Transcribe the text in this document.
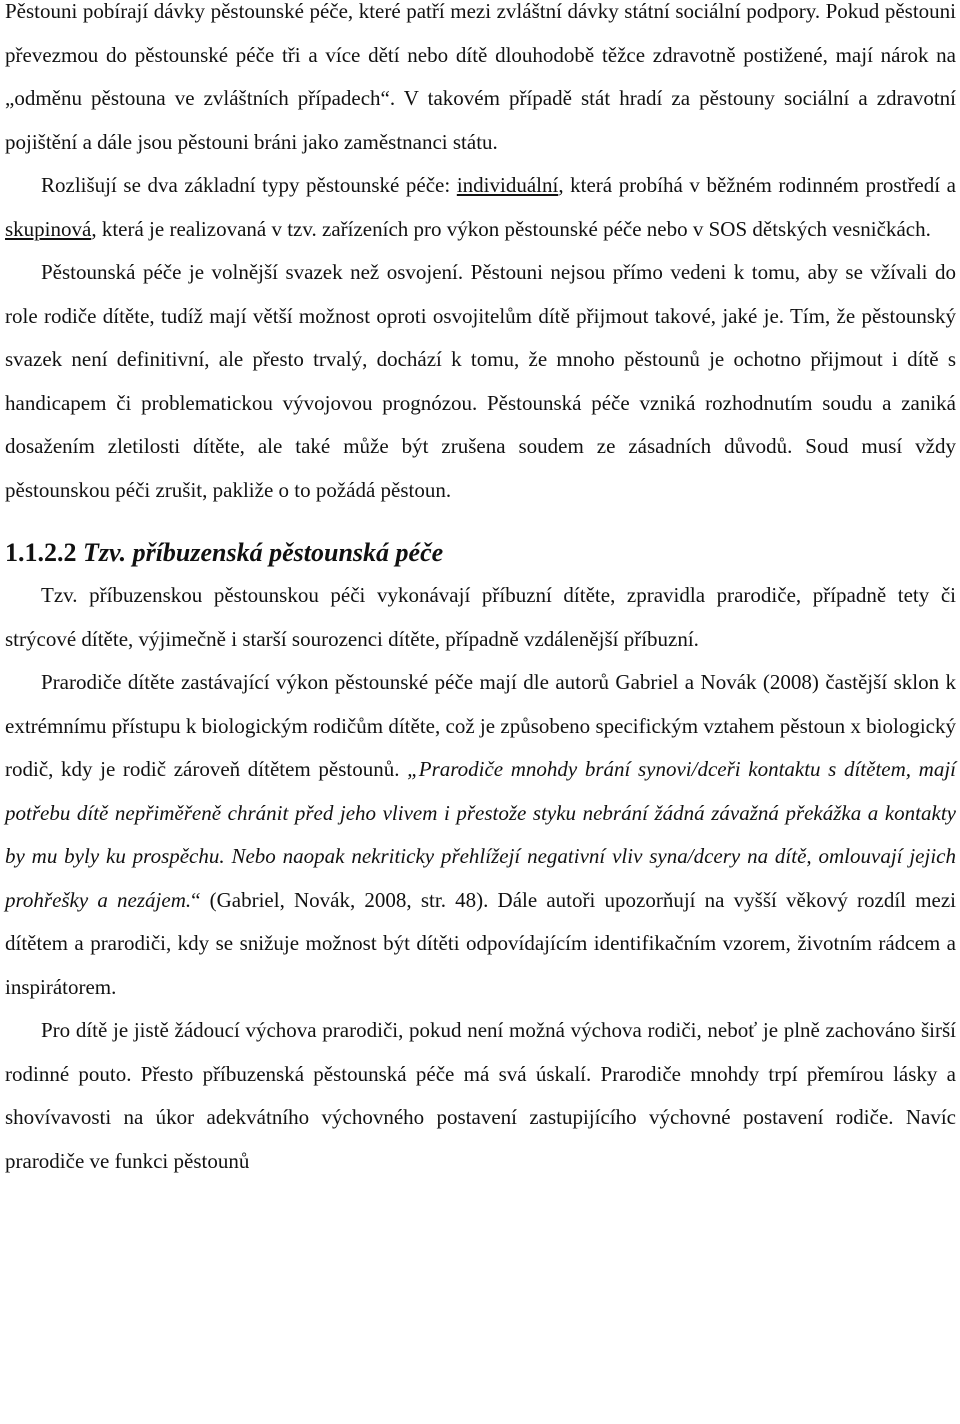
Pěstouni pobírají dávky pěstounské péče, které patří mezi zvláštní dávky státní sociální podpory. Pokud pěstouni převezmou do pěstounské péče tři a více dětí nebo dítě dlouhodobě těžce zdravotně postižené, mají nárok na „odměnu pěstouna ve zvláštních případech“. V takovém případě stát hradí za pěstouny sociální a zdravotní pojištění a dále jsou pěstouni bráni jako zaměstnanci státu.

Rozlišují se dva základní typy pěstounské péče: individuální, která probíhá v běžném rodinném prostředí a skupinová, která je realizovaná v tzv. zařízeních pro výkon pěstounské péče nebo v SOS dětských vesničkách.

Pěstounská péče je volnější svazek než osvojení. Pěstouni nejsou přímo vedeni k tomu, aby se vžívali do role rodiče dítěte, tudíž mají větší možnost oproti osvojitelům dítě přijmout takové, jaké je. Tím, že pěstounský svazek není definitivní, ale přesto trvalý, dochází k tomu, že mnoho pěstounů je ochotno přijmout i dítě s handicapem či problematickou vývojovou prognózou. Pěstounská péče vzniká rozhodnutím soudu a zaniká dosažením zletilosti dítěte, ale také může být zrušena soudem ze zásadních důvodů. Soud musí vždy pěstounskou péči zrušit, pakliže o to požádá pěstoun.

1.1.2.2 Tzv. příbuzenská pěstounská péče

Tzv. příbuzenskou pěstounskou péči vykonávají příbuzní dítěte, zpravidla prarodiče, případně tety či strýcové dítěte, výjimečně i starší sourozenci dítěte, případně vzdálenější příbuzní.

Prarodiče dítěte zastávající výkon pěstounské péče mají dle autorů Gabriel a Novák (2008) častější sklon k extrémnímu přístupu k biologickým rodičům dítěte, což je způsobeno specifickým vztahem pěstoun x biologický rodič, kdy je rodič zároveň dítětem pěstounů. „Prarodiče mnohdy brání synovi/dceři kontaktu s dítětem, mají potřebu dítě nepřiměřeně chránit před jeho vlivem i přestože styku nebrání žádná závažná překážka a kontakty by mu byly ku prospěchu. Nebo naopak nekriticky přehlížejí negativní vliv syna/dcery na dítě, omlouvají jejich prohřešky a nezájem.“ (Gabriel, Novák, 2008, str. 48). Dále autoři upozorňují na vyšší věkový rozdíl mezi dítětem a prarodiči, kdy se snižuje možnost být dítěti odpovídajícím identifikačním vzorem, životním rádcem a inspirátorem.

Pro dítě je jistě žádoucí výchova prarodiči, pokud není možná výchova rodiči, neboť je plně zachováno širší rodinné pouto. Přesto příbuzenská pěstounská péče má svá úskalí. Prarodiče mnohdy trpí přemírou lásky a shovívavosti na úkor adekvátního výchovného postavení zastupijícího výchovné postavení rodiče. Navíc prarodiče ve funkci pěstounů
